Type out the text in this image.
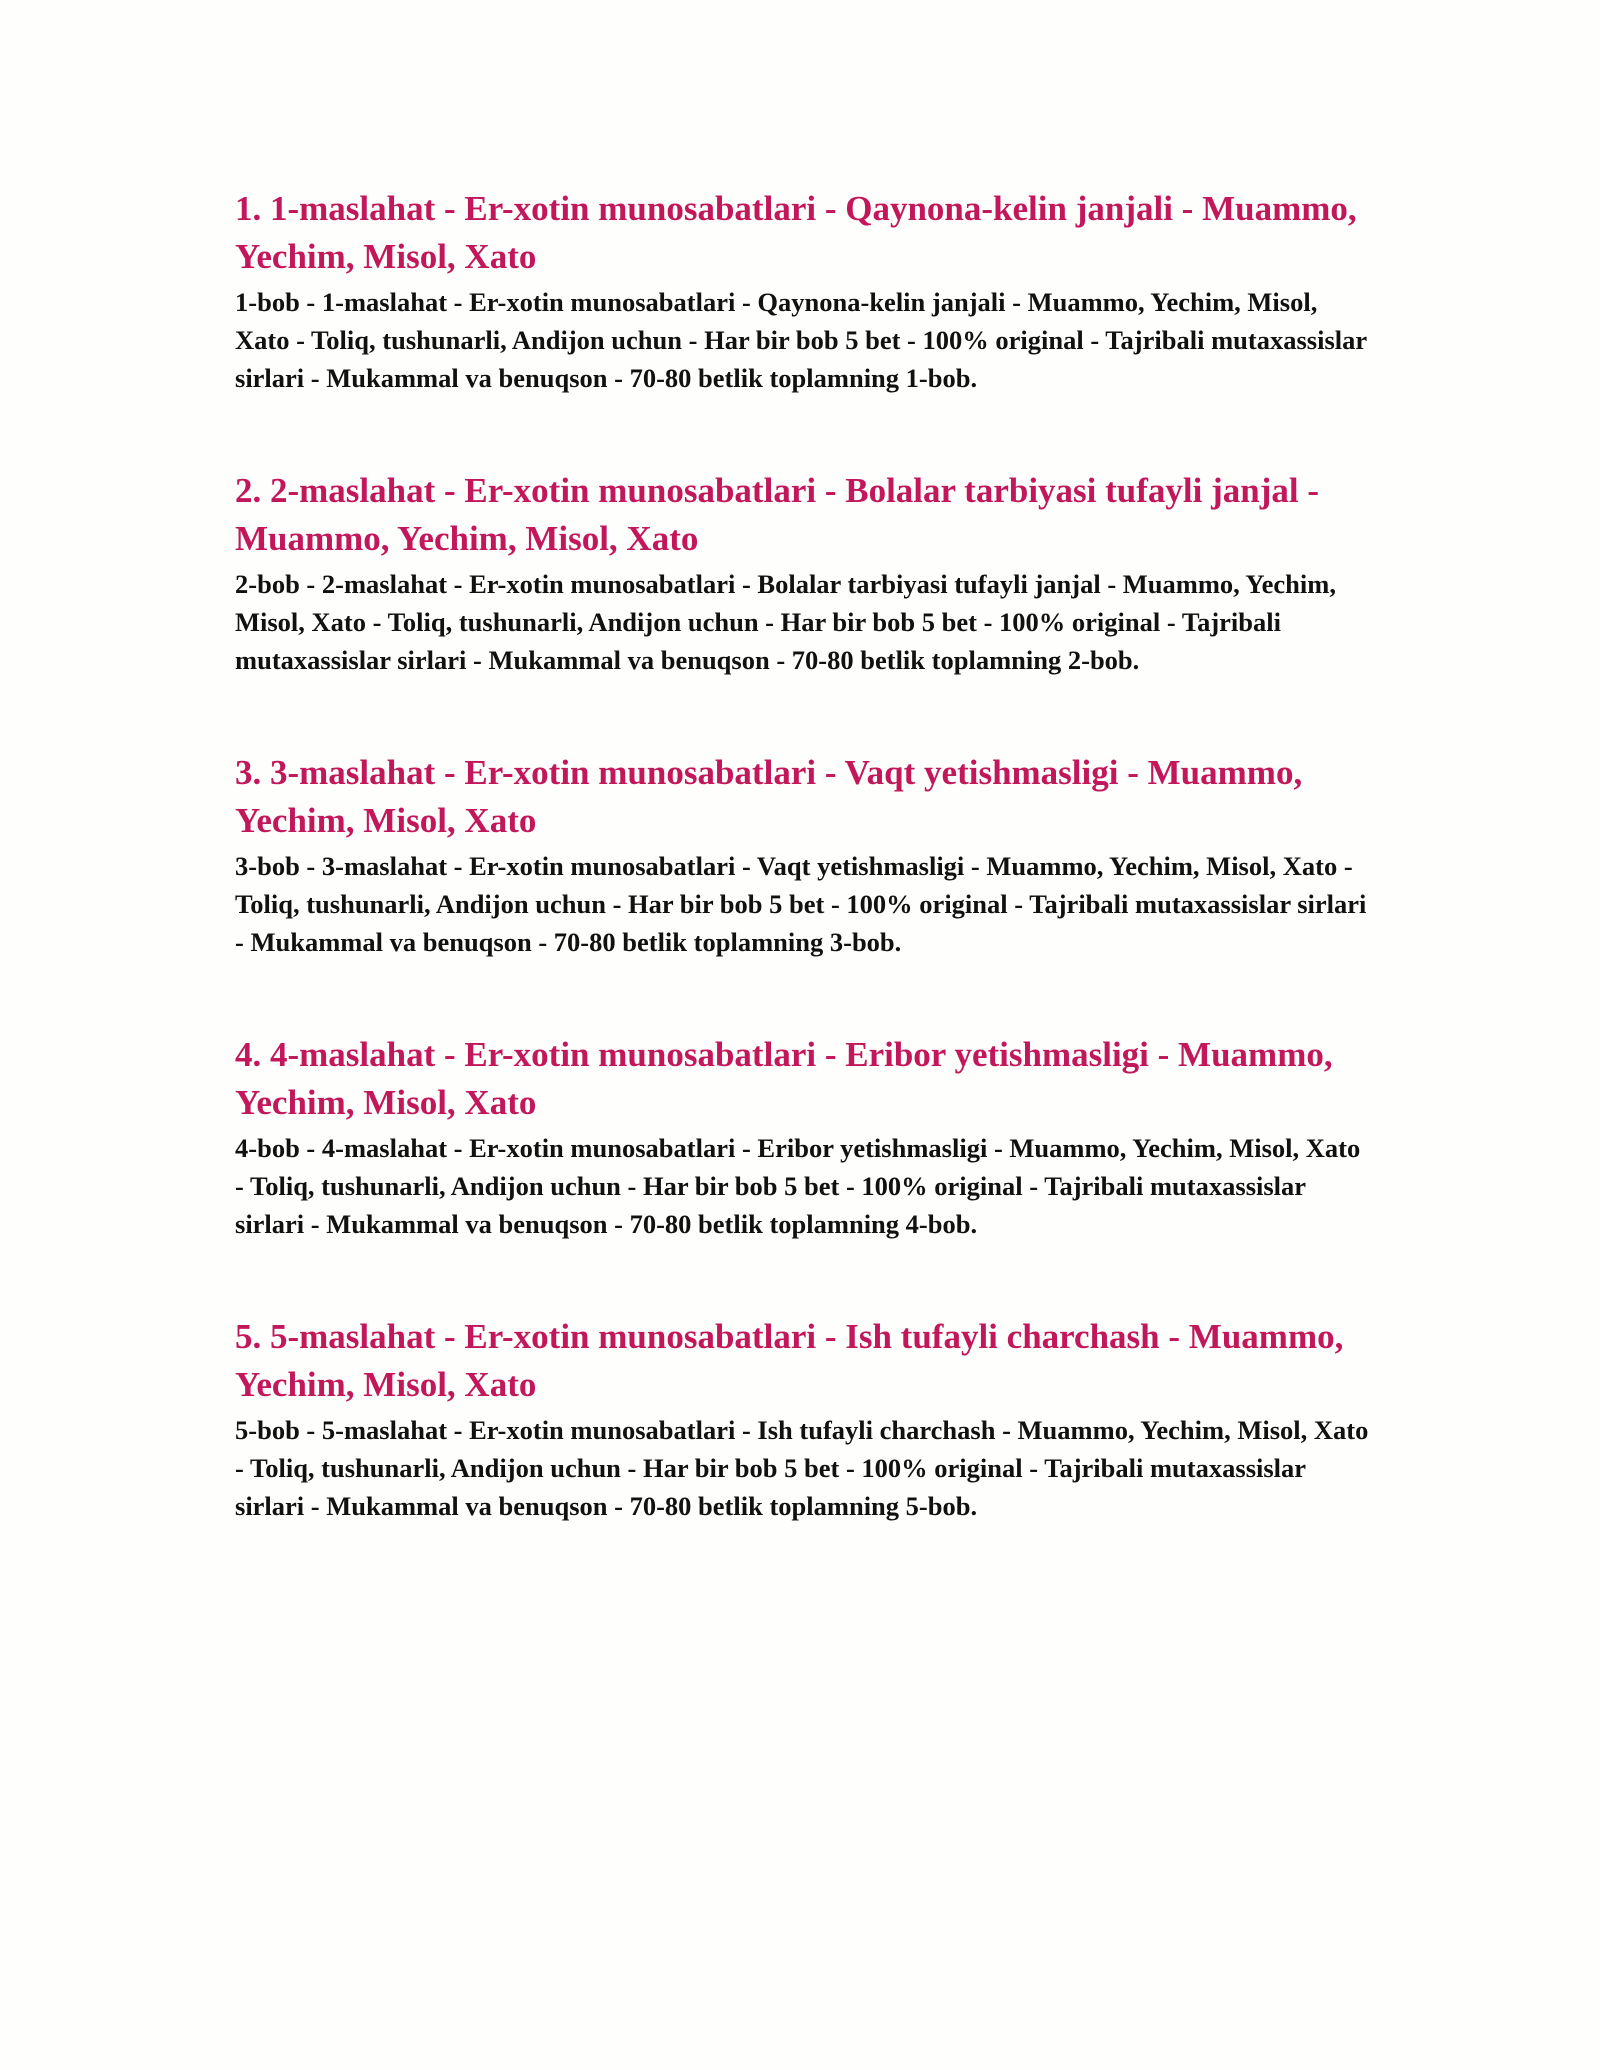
1. 1-maslahat - Er-xotin munosabatlari - Qaynona-kelin janjali - Muammo, Yechim, Misol, Xato

1-bob - 1-maslahat - Er-xotin munosabatlari - Qaynona-kelin janjali - Muammo, Yechim, Misol, Xato - Toliq, tushunarli, Andijon uchun - Har bir bob 5 bet - 100% original - Tajribali mutaxassislar sirlari - Mukammal va benuqson - 70-80 betlik toplamning 1-bob.

2. 2-maslahat - Er-xotin munosabatlari - Bolalar tarbiyasi tufayli janjal - Muammo, Yechim, Misol, Xato

2-bob - 2-maslahat - Er-xotin munosabatlari - Bolalar tarbiyasi tufayli janjal - Muammo, Yechim, Misol, Xato - Toliq, tushunarli, Andijon uchun - Har bir bob 5 bet - 100% original - Tajribali mutaxassislar sirlari - Mukammal va benuqson - 70-80 betlik toplamning 2-bob.

3. 3-maslahat - Er-xotin munosabatlari - Vaqt yetishmasligi - Muammo, Yechim, Misol, Xato

3-bob - 3-maslahat - Er-xotin munosabatlari - Vaqt yetishmasligi - Muammo, Yechim, Misol, Xato - Toliq, tushunarli, Andijon uchun - Har bir bob 5 bet - 100% original - Tajribali mutaxassislar sirlari - Mukammal va benuqson - 70-80 betlik toplamning 3-bob.

4. 4-maslahat - Er-xotin munosabatlari - Eribor yetishmasligi - Muammo, Yechim, Misol, Xato

4-bob - 4-maslahat - Er-xotin munosabatlari - Eribor yetishmasligi - Muammo, Yechim, Misol, Xato - Toliq, tushunarli, Andijon uchun - Har bir bob 5 bet - 100% original - Tajribali mutaxassislar sirlari - Mukammal va benuqson - 70-80 betlik toplamning 4-bob.

5. 5-maslahat - Er-xotin munosabatlari - Ish tufayli charchash - Muammo, Yechim, Misol, Xato

5-bob - 5-maslahat - Er-xotin munosabatlari - Ish tufayli charchash - Muammo, Yechim, Misol, Xato - Toliq, tushunarli, Andijon uchun - Har bir bob 5 bet - 100% original - Tajribali mutaxassislar sirlari - Mukammal va benuqson - 70-80 betlik toplamning 5-bob.
